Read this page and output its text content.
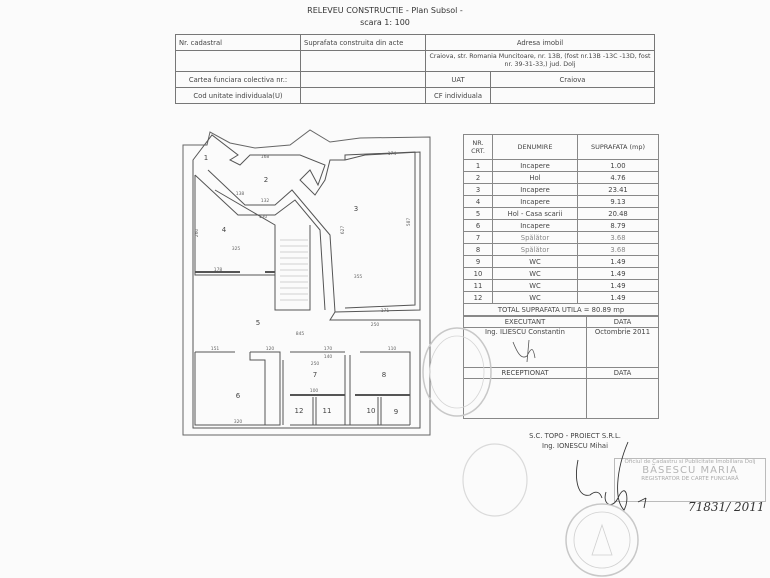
RELEVEU CONSTRUCTIE - Plan Subsol -
scara 1: 100
Nr. cadastral	Suprafata construita din acte	Adresa imobil	
		Craiova, str. Romania Muncitoare, nr. 13B, (fost nr.13B -13C -13D, fost nr. 39-31-33,) jud. Dolj	
Cartea funciara colectiva nr.:		UAT	Craiova
Cod unitate individuala(U)		CF individuala	
1
2
3
4
5
6
7	8
9
10
11
12
168
138
132
130
325
178
355
845
250
171
174
151	120
320
170
140
100
250
110
260	627
587
NR. CRT.	DENUMIRE	SUPRAFATA (mp)
1	Incapere	1.00
2	Hol	4.76
3	Incapere	23.41
4	Incapere	9.13
5	Hol - Casa scarii	20.48
6	Incapere	8.79
7	Spălător	3.68
8	Spălător	3.68
9	WC	1.49
10	WC	1.49
11	WC	1.49
12	WC	1.49
TOTAL SUPRAFATA UTILA = 80.89 mp		
EXECUTANT	DATA
Ing. ILIESCU Constantin	Octombrie 2011
RECEPTIONAT	DATA

S.C. TOPO - PROIECT S.R.L.
Ing. IONESCU Mihai
Oficiul de Cadastru si Publicitate Imobiliara Dolj
BĂSESCU MARIA
REGISTRATOR DE CARTE FUNCIARĂ
71831/ 2011
